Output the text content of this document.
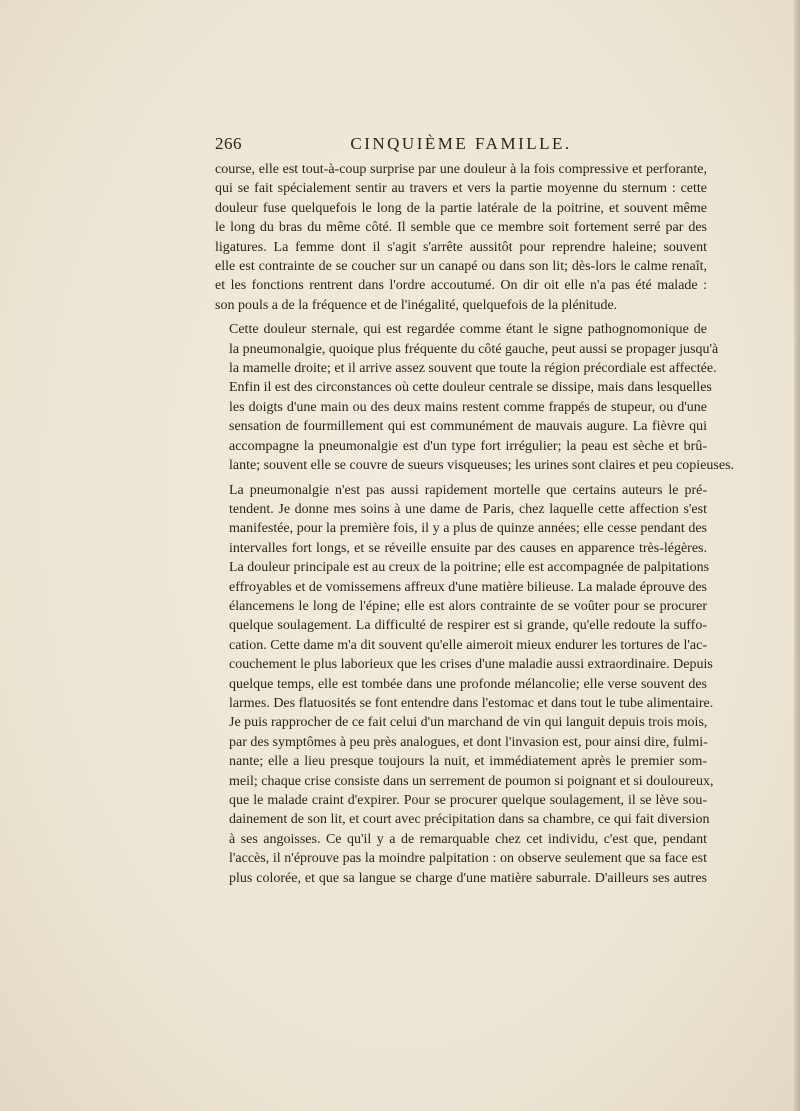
266	CINQUIÈME FAMILLE.

course, elle est tout-à-coup surprise par une douleur à la fois compressive et perforante,
qui se fait spécialement sentir au travers et vers la partie moyenne du sternum : cette
douleur fuse quelquefois le long de la partie latérale de la poitrine, et souvent même
le long du bras du même côté. Il semble que ce membre soit fortement serré par des
ligatures. La femme dont il s'agit s'arrête aussitôt pour reprendre haleine; souvent
elle est contrainte de se coucher sur un canapé ou dans son lit; dès-lors le calme renaît,
et les fonctions rentrent dans l'ordre accoutumé. On dir oit elle n'a pas été malade :
son pouls a de la fréquence et de l'inégalité, quelquefois de la plénitude.

Cette douleur sternale, qui est regardée comme étant le signe pathognomonique de
la pneumonalgie, quoique plus fréquente du côté gauche, peut aussi se propager jusqu'à
la mamelle droite; et il arrive assez souvent que toute la région précordiale est affectée.
Enfin il est des circonstances où cette douleur centrale se dissipe, mais dans lesquelles
les doigts d'une main ou des deux mains restent comme frappés de stupeur, ou d'une
sensation de fourmillement qui est communément de mauvais augure. La fièvre qui
accompagne la pneumonalgie est d'un type fort irrégulier; la peau est sèche et brû-
lante; souvent elle se couvre de sueurs visqueuses; les urines sont claires et peu copieuses.

La pneumonalgie n'est pas aussi rapidement mortelle que certains auteurs le pré-
tendent. Je donne mes soins à une dame de Paris, chez laquelle cette affection s'est
manifestée, pour la première fois, il y a plus de quinze années; elle cesse pendant des
intervalles fort longs, et se réveille ensuite par des causes en apparence très-légères.
La douleur principale est au creux de la poitrine; elle est accompagnée de palpitations
effroyables et de vomissemens affreux d'une matière bilieuse. La malade éprouve des
élancemens le long de l'épine; elle est alors contrainte de se voûter pour se procurer
quelque soulagement. La difficulté de respirer est si grande, qu'elle redoute la suffo-
cation. Cette dame m'a dit souvent qu'elle aimeroit mieux endurer les tortures de l'ac-
couchement le plus laborieux que les crises d'une maladie aussi extraordinaire. Depuis
quelque temps, elle est tombée dans une profonde mélancolie; elle verse souvent des
larmes. Des flatuosités se font entendre dans l'estomac et dans tout le tube alimentaire.
Je puis rapprocher de ce fait celui d'un marchand de vin qui languit depuis trois mois,
par des symptômes à peu près analogues, et dont l'invasion est, pour ainsi dire, fulmi-
nante; elle a lieu presque toujours la nuit, et immédiatement après le premier som-
meil; chaque crise consiste dans un serrement de poumon si poignant et si douloureux,
que le malade craint d'expirer. Pour se procurer quelque soulagement, il se lève sou-
dainement de son lit, et court avec précipitation dans sa chambre, ce qui fait diversion
à ses angoisses. Ce qu'il y a de remarquable chez cet individu, c'est que, pendant
l'accès, il n'éprouve pas la moindre palpitation : on observe seulement que sa face est
plus colorée, et que sa langue se charge d'une matière saburrale. D'ailleurs ses autres
